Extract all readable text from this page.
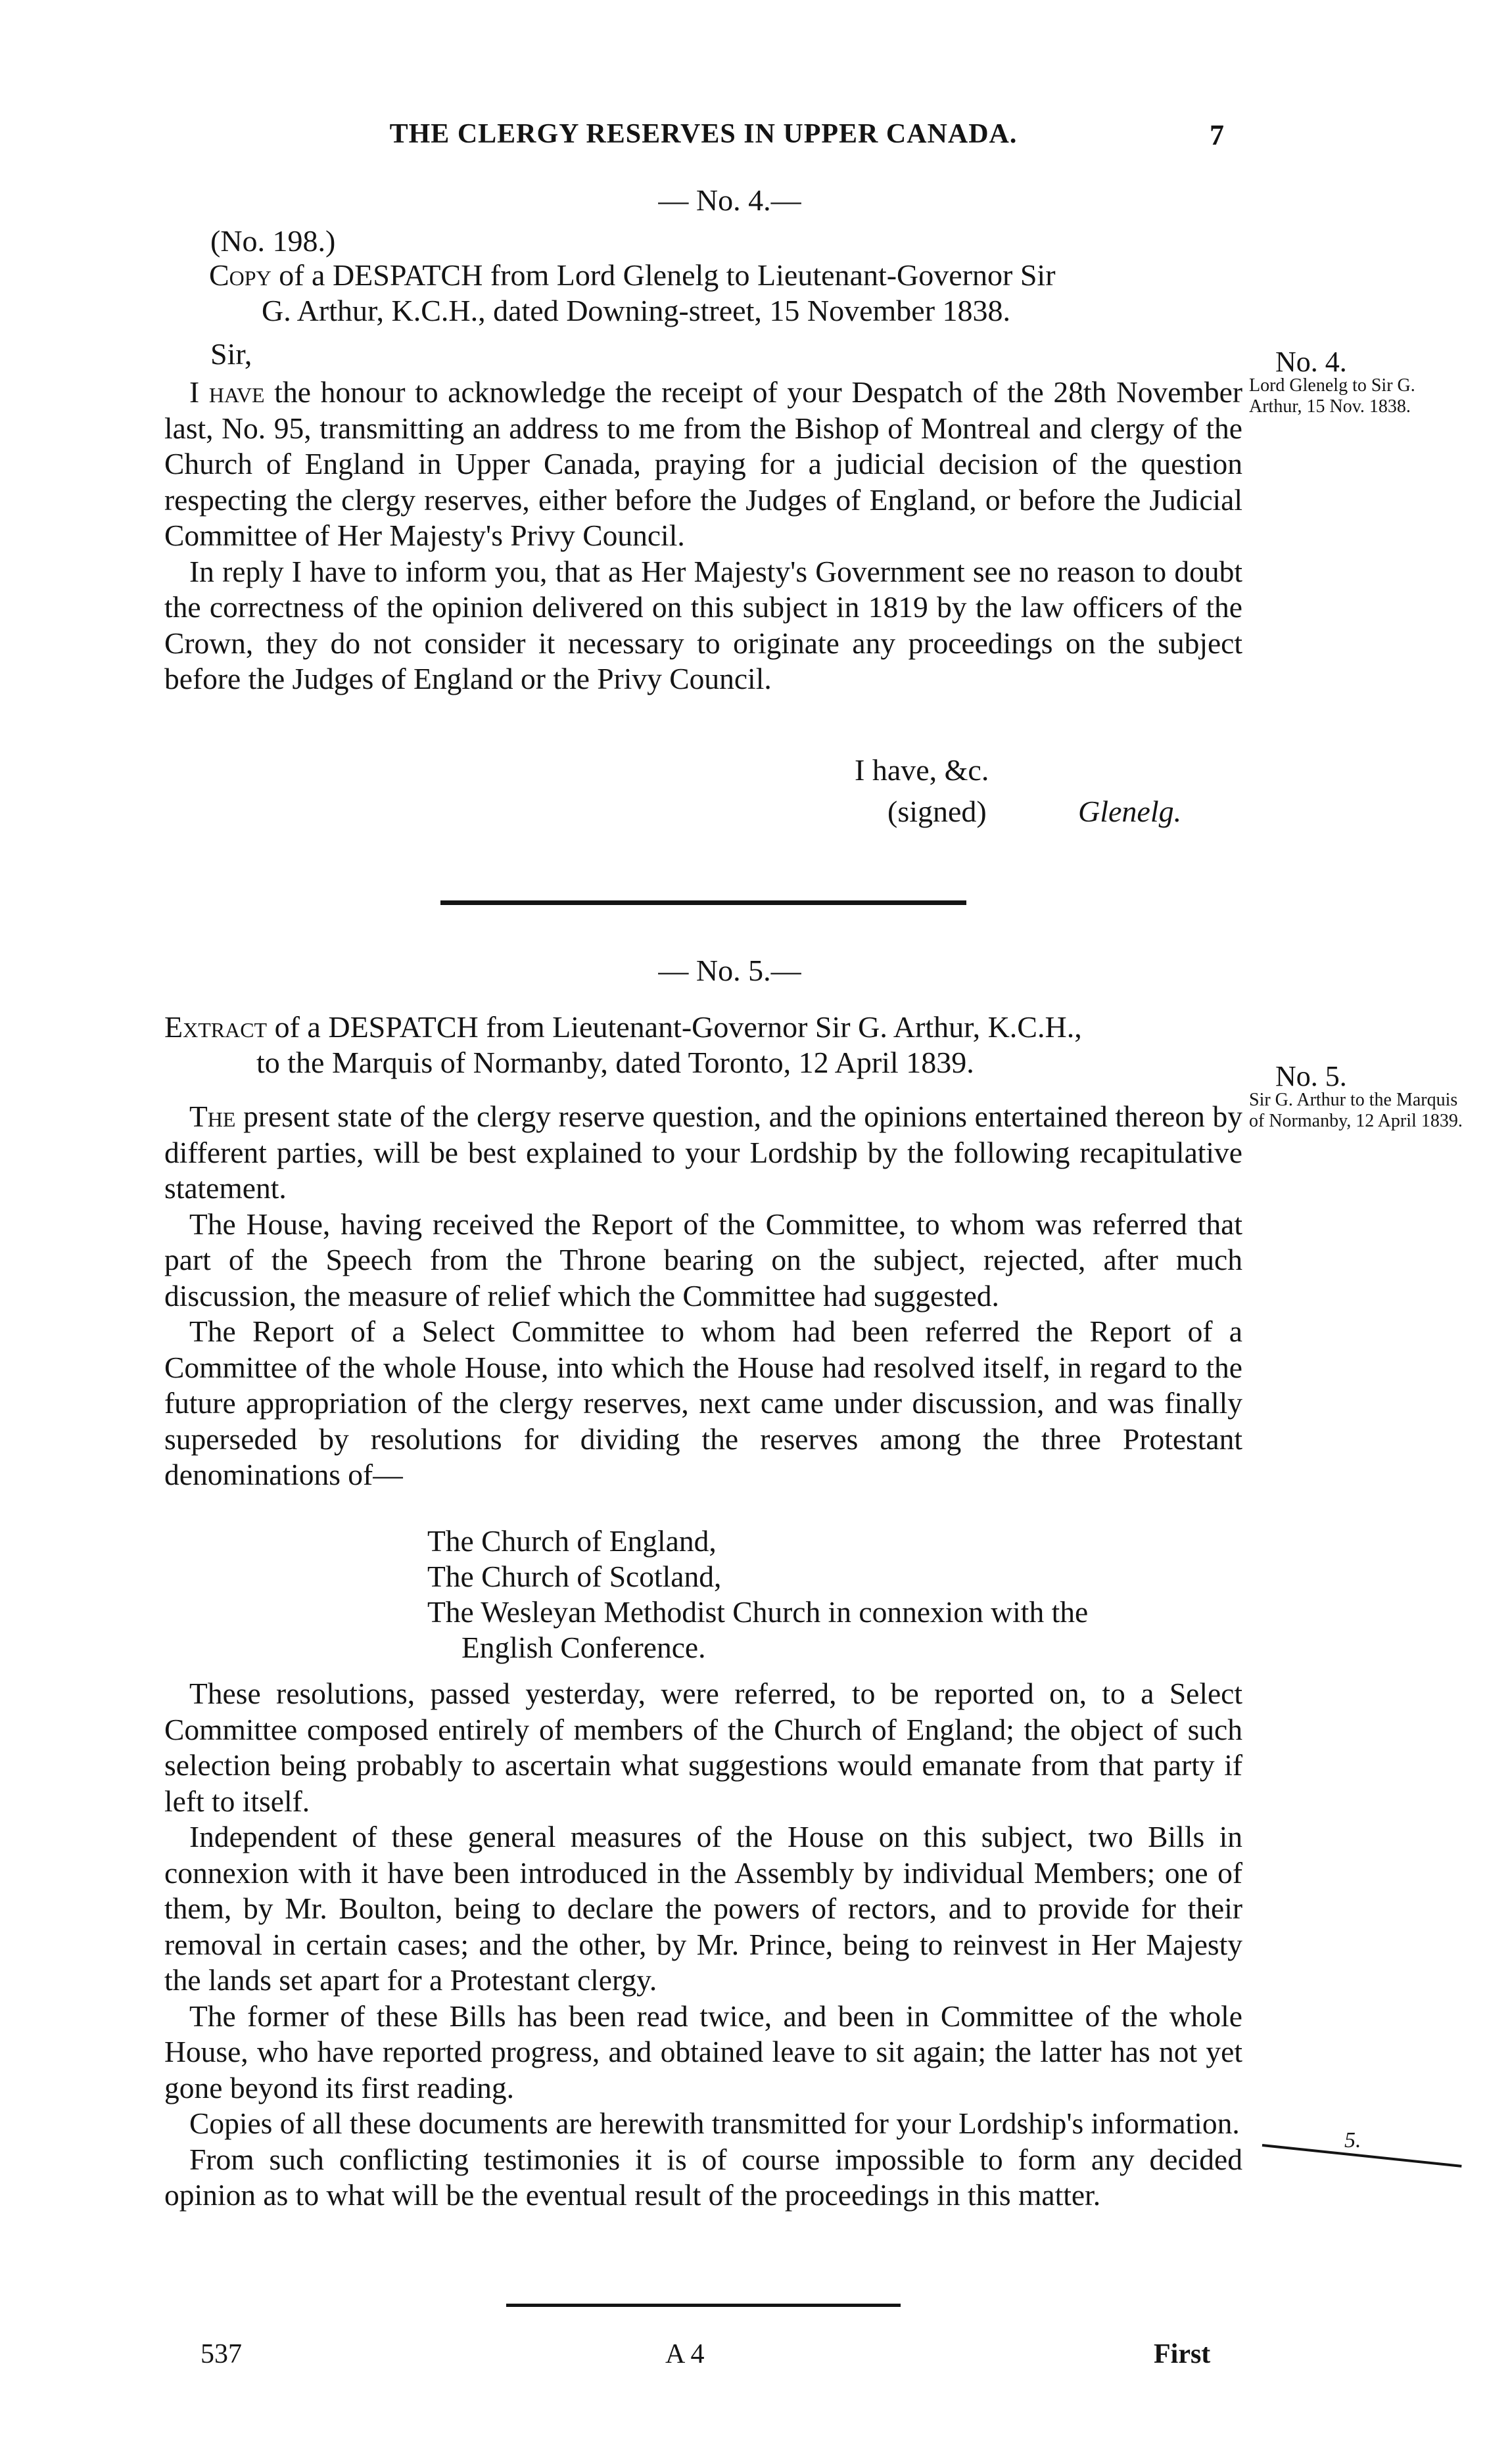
THE CLERGY RESERVES IN UPPER CANADA.	7
— No. 4.—
(No. 198.)
Copy of a DESPATCH from Lord Glenelg to Lieutenant-Governor Sir
G. Arthur, K.C.H., dated Downing-street, 15 November 1838.
Sir,

I have the honour to acknowledge the receipt of your Despatch of the 28th November last, No. 95, transmitting an address to me from the Bishop of Montreal and clergy of the Church of England in Upper Canada, praying for a judicial decision of the question respecting the clergy reserves, either before the Judges of England, or before the Judicial Committee of Her Majesty's Privy Council.

In reply I have to inform you, that as Her Majesty's Government see no reason to doubt the correctness of the opinion delivered on this subject in 1819 by the law officers of the Crown, they do not consider it necessary to originate any proceedings on the subject before the Judges of England or the Privy Council.

No. 4.
Lord Glenelg to Sir G. Arthur, 15 Nov. 1838.
I have, &c.
(signed)	Glenelg.
— No. 5.—
Extract of a DESPATCH from Lieutenant-Governor Sir G. Arthur, K.C.H.,
to the Marquis of Normanby, dated Toronto, 12 April 1839.	No. 5.
Sir G. Arthur to the Marquis of Normanby, 12 April 1839.

The present state of the clergy reserve question, and the opinions entertained thereon by different parties, will be best explained to your Lordship by the following recapitulative statement.

The House, having received the Report of the Committee, to whom was referred that part of the Speech from the Throne bearing on the subject, rejected, after much discussion, the measure of relief which the Committee had suggested.

The Report of a Select Committee to whom had been referred the Report of a Committee of the whole House, into which the House had resolved itself, in regard to the future appropriation of the clergy reserves, next came under discussion, and was finally superseded by resolutions for dividing the reserves among the three Protestant denominations of—

The Church of England,
The Church of Scotland,
The Wesleyan Methodist Church in connexion with the
English Conference.

These resolutions, passed yesterday, were referred, to be reported on, to a Select Committee composed entirely of members of the Church of England; the object of such selection being probably to ascertain what suggestions would emanate from that party if left to itself.

Independent of these general measures of the House on this subject, two Bills in connexion with it have been introduced in the Assembly by individual Members; one of them, by Mr. Boulton, being to declare the powers of rectors, and to provide for their removal in certain cases; and the other, by Mr. Prince, being to reinvest in Her Majesty the lands set apart for a Protestant clergy.

The former of these Bills has been read twice, and been in Committee of the whole House, who have reported progress, and obtained leave to sit again; the latter has not yet gone beyond its first reading.

Copies of all these documents are herewith transmitted for your Lordship's information.

From such conflicting testimonies it is of course impossible to form any decided opinion as to what will be the eventual result of the proceedings in this matter.

5.
537	A 4	First
